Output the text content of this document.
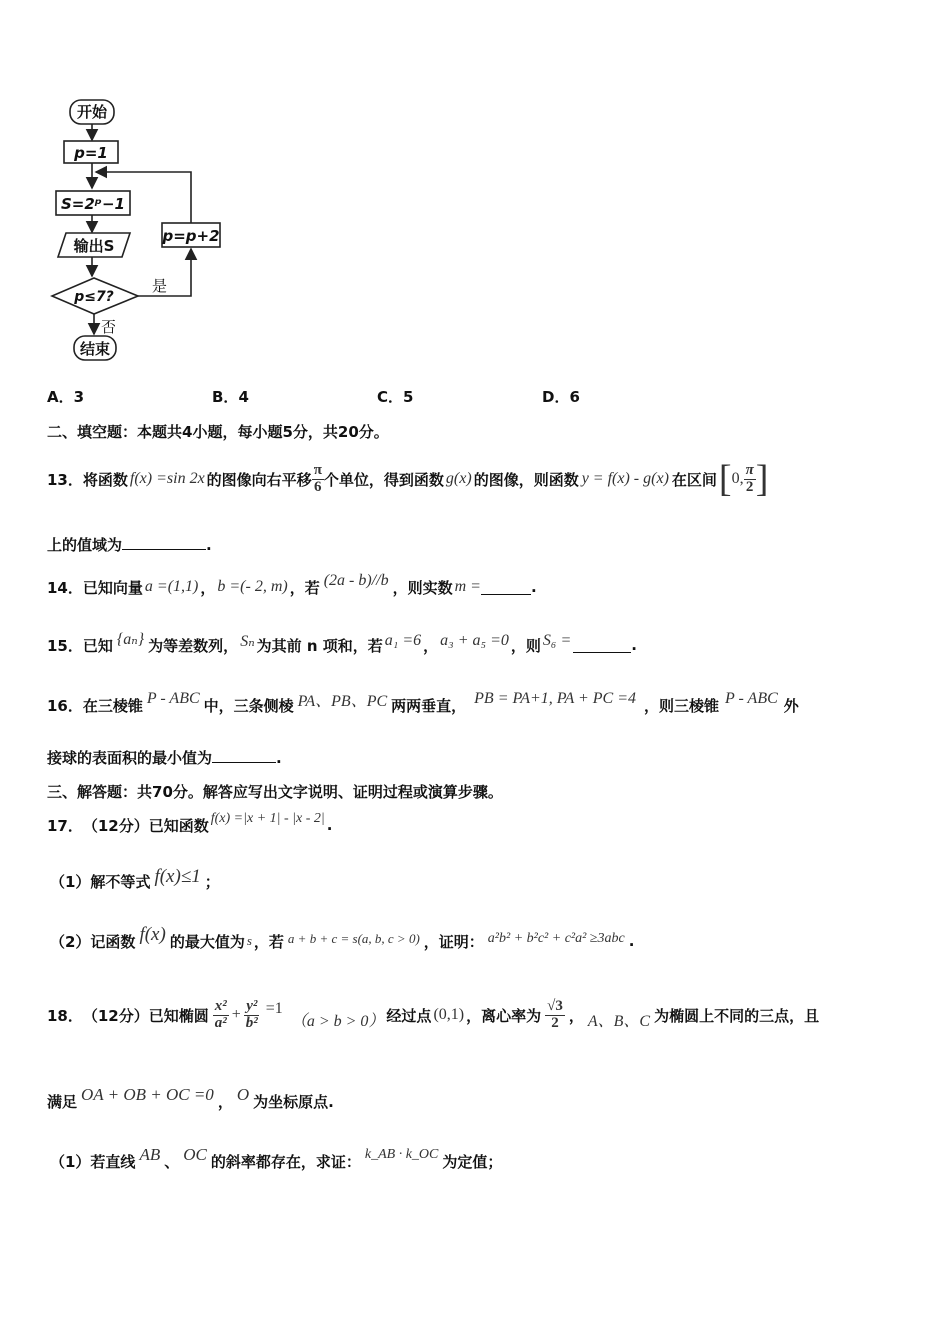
开始
p=1
S=2ᵖ−1
输出S
p≤7?
p=p+2
是
否
结束
A．3	B．4	C．5	D．6
二、填空题：本题共4小题，每小题5分，共20分。
13． 将函数 f(x) =sin 2x 的图像向右平移 $\frac{\pi}{6}$ 个单位，得到函数 g(x) 的图像，则函数 y = f(x) - g(x) 在区间 [ 0, $\frac{\pi}{2}$ ]
上的值域为	.
14． 已知向量 a =(1,1) ， b =(- 2, m) ，若 (2a - b)//b ，则实数 m =	.
15． 已知 {aₙ} 为等差数列， Sₙ 为其前 n 项和，若 a₁ =6 ， a₃ + a₅ =0 ，则 S₆ =	.
16． 在三棱锥 P - ABC 中，三条侧棱 PA、PB、PC 两两垂直， PB = PA+1, PA + PC =4 ，则三棱锥 P - ABC 外
接球的表面积的最小值为	.
三、解答题：共70分。解答应写出文字说明、证明过程或演算步骤。
17． （12分）已知函数 f(x) =|x + 1| - |x - 2| .
（1）解不等式 f(x)≤1 ；
（2）记函数 f(x) 的最大值为 s ，若 a + b + c = s(a, b, c > 0) ，证明： a²b² + b²c² + c²a² ≥3abc .
18． （12分）已知椭圆 $\frac{\text{x²}}{\text{a²}} + \frac{\text{y²}}{\text{b²}} =1$
（a > b > 0） 经过点 (0,1) ，离心率为 $\frac{√3}{2}$ ， A、B、C 为椭圆上不同的三点，且
满足 OA + OB + OC =0 ， O 为坐标原点.
（1）若直线 AB 、 OC 的斜率都存在，求证： k_AB · k_OC 为定值；
